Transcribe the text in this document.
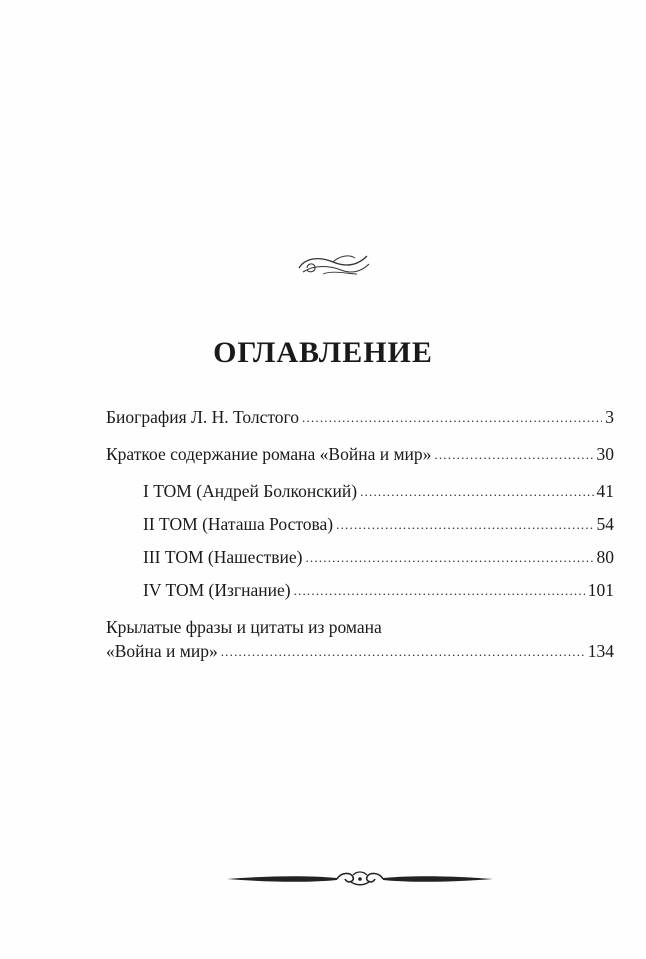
ОГЛАВЛЕНИЕ
Биография Л. Н. Толстого .....	3
Краткое содержание романа «Война и мир» .....	30
I ТОМ (Андрей Болконский) .....	41
II ТОМ (Наташа Ростова) .....	54
III ТОМ (Нашествие) .....	80
IV ТОМ (Изгнание) .....	101
Крылатые фразы и цитаты из романа
«Война и мир» .....	134
